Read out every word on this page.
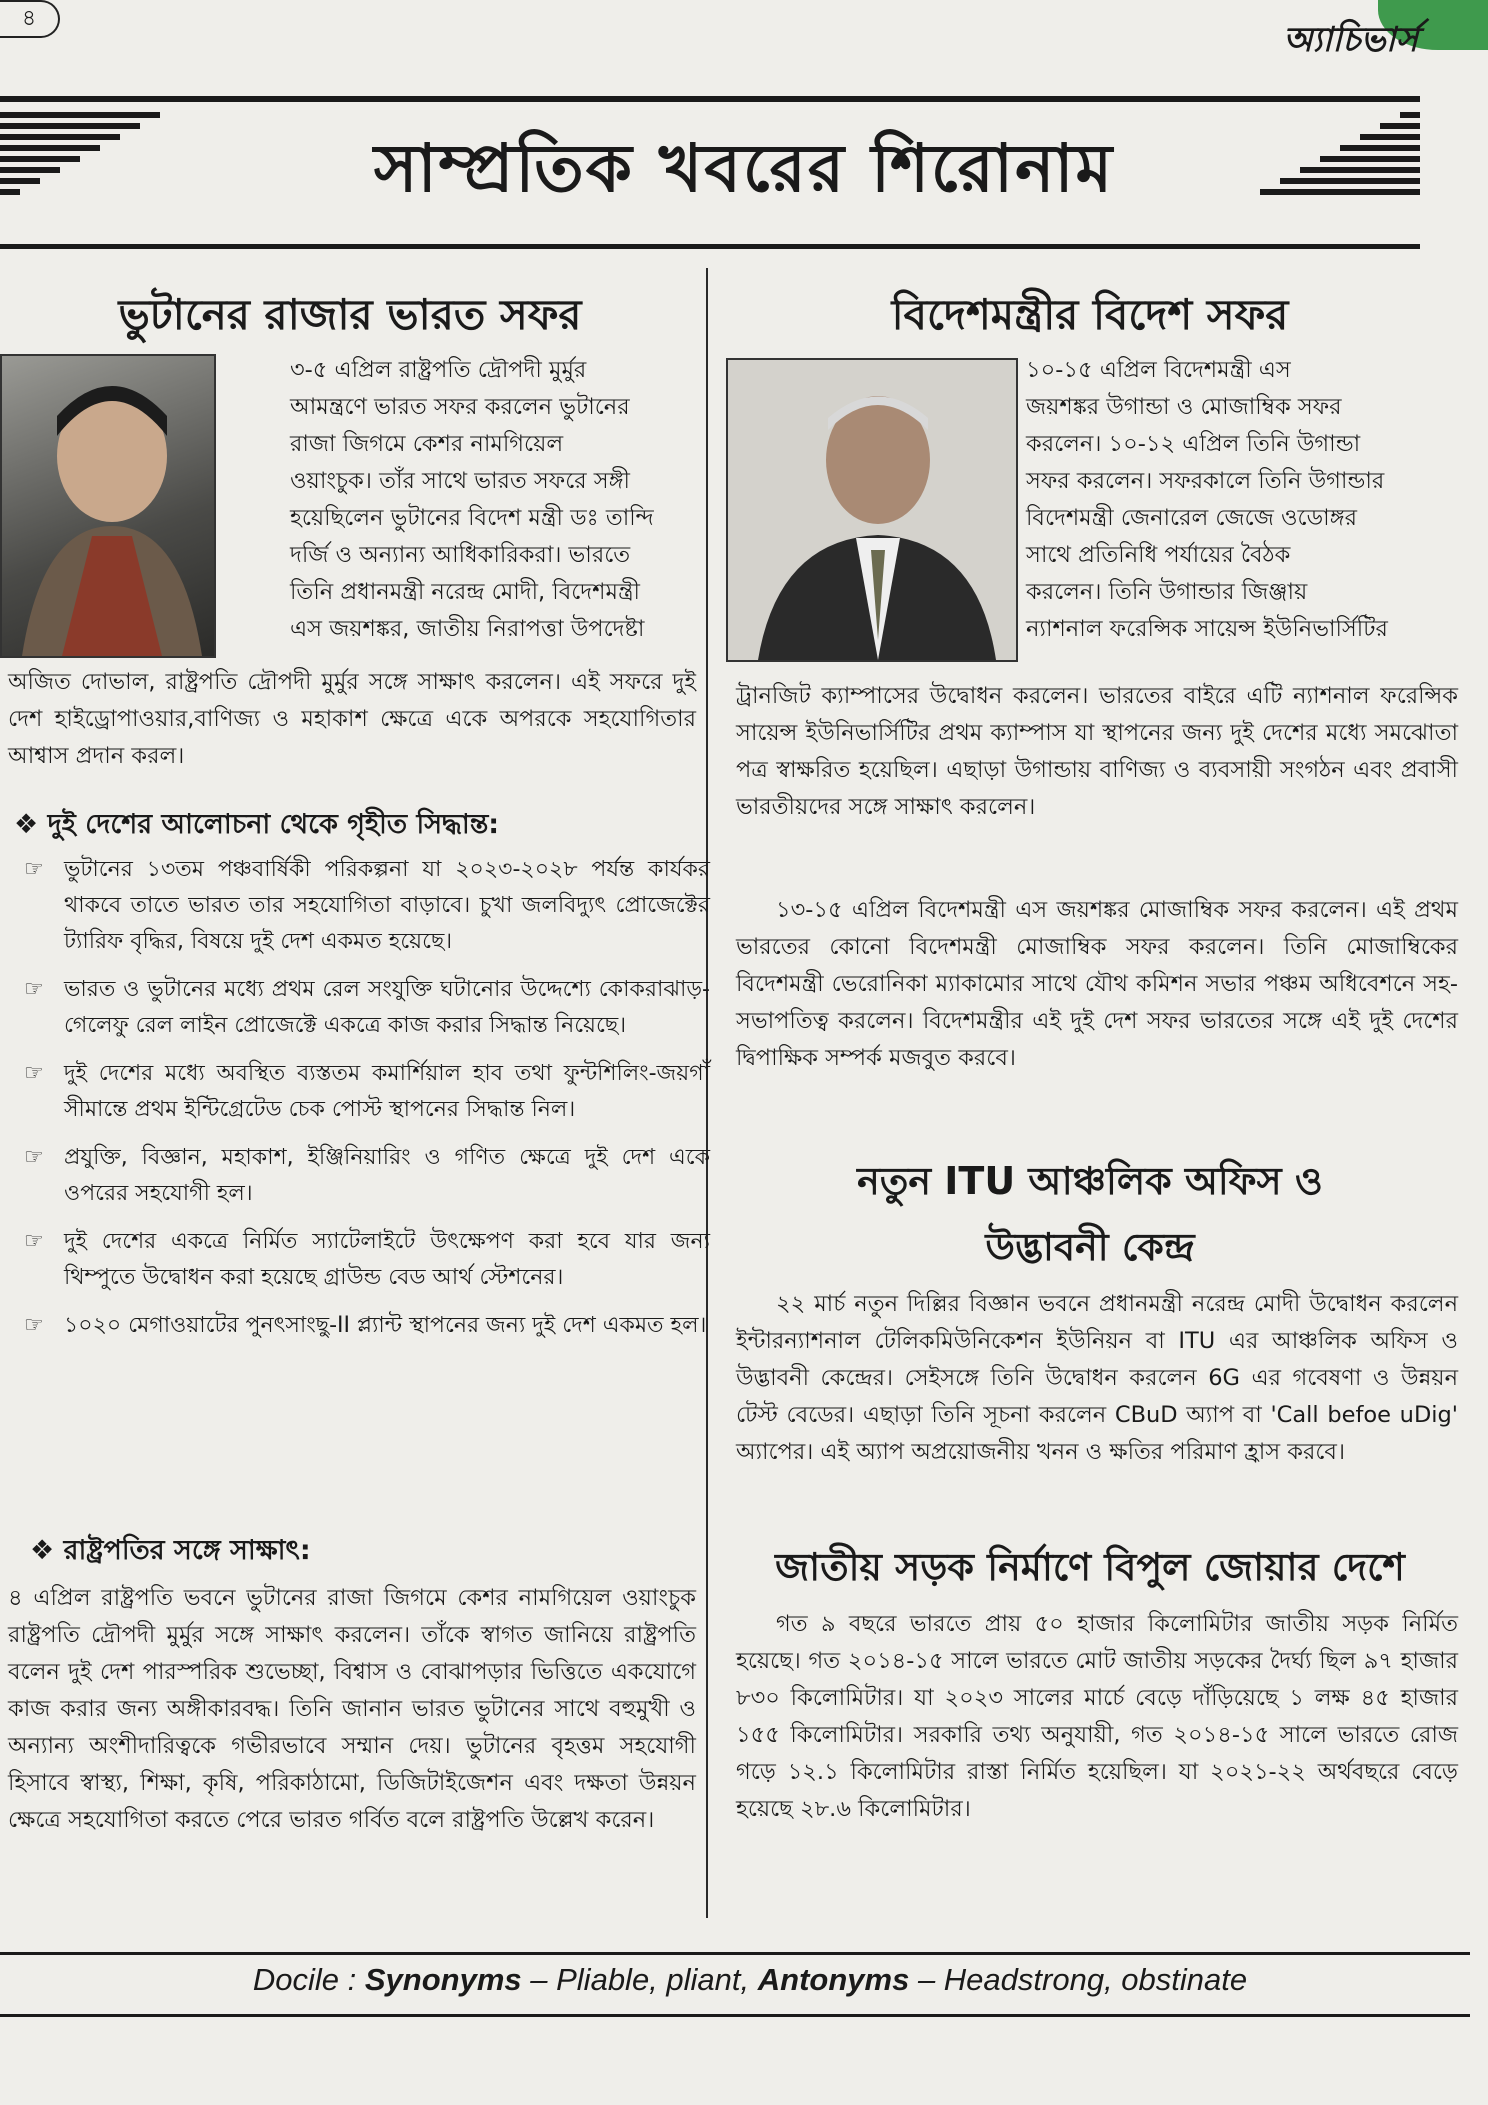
৪
অ্যাচিভার্স
সাম্প্রতিক খবরের শিরোনাম
ভুটানের রাজার ভারত সফর
৩-৫ এপ্রিল রাষ্ট্রপতি দ্রৌপদী মুর্মুর
আমন্ত্রণে ভারত সফর করলেন ভুটানের
রাজা জিগমে কেশর নামগিয়েল
ওয়াংচুক। তাঁর সাথে ভারত সফরে সঙ্গী
হয়েছিলেন ভুটানের বিদেশ মন্ত্রী ডঃ তান্দি
দর্জি ও অন্যান্য আধিকারিকরা। ভারতে
তিনি প্রধানমন্ত্রী নরেন্দ্র মোদী, বিদেশমন্ত্রী
এস জয়শঙ্কর, জাতীয় নিরাপত্তা উপদেষ্টা
অজিত দোভাল, রাষ্ট্রপতি দ্রৌপদী মুর্মুর সঙ্গে সাক্ষাৎ করলেন। এই সফরে দুই দেশ হাইড্রোপাওয়ার,বাণিজ্য ও মহাকাশ ক্ষেত্রে একে অপরকে সহযোগিতার আশ্বাস প্রদান করল।
❖ দুই দেশের আলোচনা থেকে গৃহীত সিদ্ধান্ত:
☞ ভুটানের ১৩তম পঞ্চবার্ষিকী পরিকল্পনা যা ২০২৩-২০২৮ পর্যন্ত কার্যকর থাকবে তাতে ভারত তার সহযোগিতা বাড়াবে। চুখা জলবিদ্যুৎ প্রোজেক্টের ট্যারিফ বৃদ্ধির, বিষয়ে দুই দেশ একমত হয়েছে।
☞ ভারত ও ভুটানের মধ্যে প্রথম রেল সংযুক্তি ঘটানোর উদ্দেশ্যে কোকরাঝাড়-গেলেফু রেল লাইন প্রোজেক্টে একত্রে কাজ করার সিদ্ধান্ত নিয়েছে।
☞ দুই দেশের মধ্যে অবস্থিত ব্যস্ততম কমার্শিয়াল হাব তথা ফুন্টশিলিং-জয়গাঁ সীমান্তে প্রথম ইন্টিগ্রেটেড চেক পোস্ট স্থাপনের সিদ্ধান্ত নিল।
☞ প্রযুক্তি, বিজ্ঞান, মহাকাশ, ইঞ্জিনিয়ারিং ও গণিত ক্ষেত্রে দুই দেশ একে ওপরের সহযোগী হল।
☞ দুই দেশের একত্রে নির্মিত স্যাটেলাইটে উৎক্ষেপণ করা হবে যার জন্য থিম্পুতে উদ্বোধন করা হয়েছে গ্রাউন্ড বেড আর্থ স্টেশনের।
☞ ১০২০ মেগাওয়াটের পুনৎসাংছু-II প্ল্যান্ট স্থাপনের জন্য দুই দেশ একমত হল।
❖ রাষ্ট্রপতির সঙ্গে সাক্ষাৎ:
৪ এপ্রিল রাষ্ট্রপতি ভবনে ভুটানের রাজা জিগমে কেশর নামগিয়েল ওয়াংচুক রাষ্ট্রপতি দ্রৌপদী মুর্মুর সঙ্গে সাক্ষাৎ করলেন। তাঁকে স্বাগত জানিয়ে রাষ্ট্রপতি বলেন দুই দেশ পারস্পরিক শুভেচ্ছা, বিশ্বাস ও বোঝাপড়ার ভিত্তিতে একযোগে কাজ করার জন্য অঙ্গীকারবদ্ধ। তিনি জানান ভারত ভুটানের সাথে বহুমুখী ও অন্যান্য অংশীদারিত্বকে গভীরভাবে সম্মান দেয়। ভুটানের বৃহত্তম সহযোগী হিসাবে স্বাস্থ্য, শিক্ষা, কৃষি, পরিকাঠামো, ডিজিটাইজেশন এবং দক্ষতা উন্নয়ন ক্ষেত্রে সহযোগিতা করতে পেরে ভারত গর্বিত বলে রাষ্ট্রপতি উল্লেখ করেন।
বিদেশমন্ত্রীর বিদেশ সফর
১০-১৫ এপ্রিল বিদেশমন্ত্রী এস
জয়শঙ্কর উগান্ডা ও মোজাম্বিক সফর
করলেন। ১০-১২ এপ্রিল তিনি উগান্ডা
সফর করলেন। সফরকালে তিনি উগান্ডার
বিদেশমন্ত্রী জেনারেল জেজে ওডোঙ্গর
সাথে প্রতিনিধি পর্যায়ের বৈঠক
করলেন। তিনি উগান্ডার জিঞ্জায়
ন্যাশনাল ফরেন্সিক সায়েন্স ইউনিভার্সিটির
ট্রানজিট ক্যাম্পাসের উদ্বোধন করলেন। ভারতের বাইরে এটি ন্যাশনাল ফরেন্সিক সায়েন্স ইউনিভার্সিটির প্রথম ক্যাম্পাস যা স্থাপনের জন্য দুই দেশের মধ্যে সমঝোতা পত্র স্বাক্ষরিত হয়েছিল। এছাড়া উগান্ডায় বাণিজ্য ও ব্যবসায়ী সংগঠন এবং প্রবাসী ভারতীয়দের সঙ্গে সাক্ষাৎ করলেন।
১৩-১৫ এপ্রিল বিদেশমন্ত্রী এস জয়শঙ্কর মোজাম্বিক সফর করলেন। এই প্রথম ভারতের কোনো বিদেশমন্ত্রী মোজাম্বিক সফর করলেন। তিনি মোজাম্বিকের বিদেশমন্ত্রী ভেরোনিকা ম্যাকামোর সাথে যৌথ কমিশন সভার পঞ্চম অধিবেশনে সহ-সভাপতিত্ব করলেন। বিদেশমন্ত্রীর এই দুই দেশ সফর ভারতের সঙ্গে এই দুই দেশের দ্বিপাক্ষিক সম্পর্ক মজবুত করবে।
নতুন ITU আঞ্চলিক অফিস ও
উদ্ভাবনী কেন্দ্র
২২ মার্চ নতুন দিল্লির বিজ্ঞান ভবনে প্রধানমন্ত্রী নরেন্দ্র মোদী উদ্বোধন করলেন ইন্টারন্যাশনাল টেলিকমিউনিকেশন ইউনিয়ন বা ITU এর আঞ্চলিক অফিস ও উদ্ভাবনী কেন্দ্রের। সেইসঙ্গে তিনি উদ্বোধন করলেন 6G এর গবেষণা ও উন্নয়ন টেস্ট বেডের। এছাড়া তিনি সূচনা করলেন CBuD অ্যাপ বা 'Call befoe uDig' অ্যাপের। এই অ্যাপ অপ্রয়োজনীয় খনন ও ক্ষতির পরিমাণ হ্রাস করবে।
জাতীয় সড়ক নির্মাণে বিপুল জোয়ার দেশে
গত ৯ বছরে ভারতে প্রায় ৫০ হাজার কিলোমিটার জাতীয় সড়ক নির্মিত হয়েছে। গত ২০১৪-১৫ সালে ভারতে মোট জাতীয় সড়কের দৈর্ঘ্য ছিল ৯৭ হাজার ৮৩০ কিলোমিটার। যা ২০২৩ সালের মার্চে বেড়ে দাঁড়িয়েছে ১ লক্ষ ৪৫ হাজার ১৫৫ কিলোমিটার। সরকারি তথ্য অনুযায়ী, গত ২০১৪-১৫ সালে ভারতে রোজ গড়ে ১২.১ কিলোমিটার রাস্তা নির্মিত হয়েছিল। যা ২০২১-২২ অর্থবছরে বেড়ে হয়েছে ২৮.৬ কিলোমিটার।
Docile : Synonyms – Pliable, pliant, Antonyms – Headstrong, obstinate
